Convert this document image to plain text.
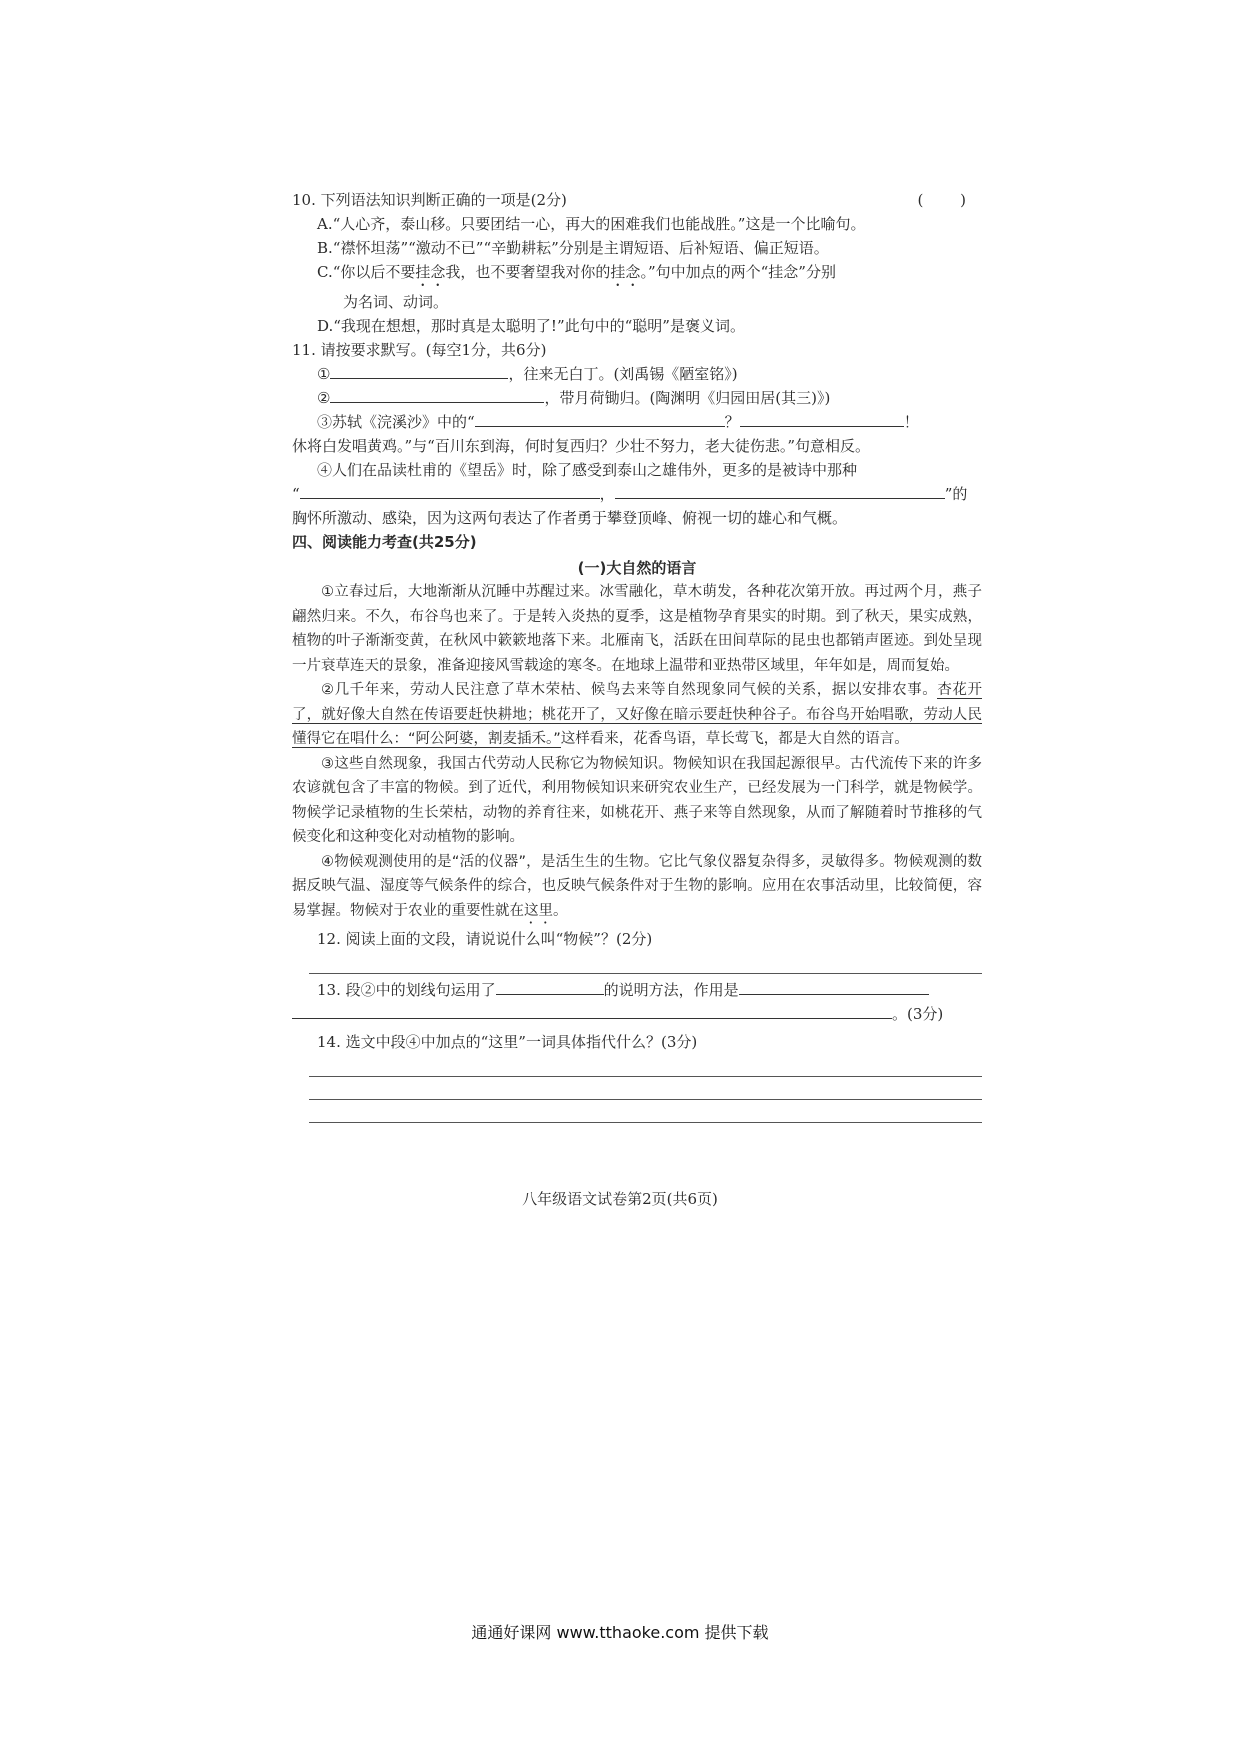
10. 下列语法知识判断正确的一项是(2分)	( )
A.“人心齐，泰山移。只要团结一心，再大的困难我们也能战胜。”这是一个比喻句。
B.“襟怀坦荡”“激动不已”“辛勤耕耘”分别是主谓短语、后补短语、偏正短语。
C.“你以后不要挂念我，也不要奢望我对你的挂念。”句中加点的两个“挂念”分别
为名词、动词。
D.“我现在想想，那时真是太聪明了!”此句中的“聪明”是褒义词。
11. 请按要求默写。(每空1分，共6分)
①	，往来无白丁。(刘禹锡《陋室铭》)
②	，带月荷锄归。(陶渊明《归园田居(其三)》)
③苏轼《浣溪沙》中的“	？	！
休将白发唱黄鸡。”与“百川东到海，何时复西归？少壮不努力，老大徒伤悲。”句意相反。
④人们在品读杜甫的《望岳》时，除了感受到泰山之雄伟外，更多的是被诗中那种
“	，	”的
胸怀所激动、感染，因为这两句表达了作者勇于攀登顶峰、俯视一切的雄心和气概。
四、阅读能力考查(共25分)
(一)大自然的语言

①立春过后，大地渐渐从沉睡中苏醒过来。冰雪融化，草木萌发，各种花次第开放。再过两个月，燕子翩然归来。不久，布谷鸟也来了。于是转入炎热的夏季，这是植物孕育果实的时期。到了秋天，果实成熟，植物的叶子渐渐变黄，在秋风中簌簌地落下来。北雁南飞，活跃在田间草际的昆虫也都销声匿迹。到处呈现一片衰草连天的景象，准备迎接风雪载途的寒冬。在地球上温带和亚热带区域里，年年如是，周而复始。

②几千年来，劳动人民注意了草木荣枯、候鸟去来等自然现象同气候的关系，据以安排农事。杏花开了，就好像大自然在传语要赶快耕地；桃花开了，又好像在暗示要赶快种谷子。布谷鸟开始唱歌，劳动人民懂得它在唱什么：“阿公阿婆，割麦插禾。”这样看来，花香鸟语，草长莺飞，都是大自然的语言。

③这些自然现象，我国古代劳动人民称它为物候知识。物候知识在我国起源很早。古代流传下来的许多农谚就包含了丰富的物候。到了近代，利用物候知识来研究农业生产，已经发展为一门科学，就是物候学。物候学记录植物的生长荣枯，动物的养育往来，如桃花开、燕子来等自然现象，从而了解随着时节推移的气候变化和这种变化对动植物的影响。

④物候观测使用的是“活的仪器”，是活生生的生物。它比气象仪器复杂得多，灵敏得多。物候观测的数据反映气温、湿度等气候条件的综合，也反映气候条件对于生物的影响。应用在农事活动里，比较简便，容易掌握。物候对于农业的重要性就在这里。

12. 阅读上面的文段，请说说什么叫“物候”？(2分)
13. 段②中的划线句运用了	的说明方法，作用是
。(3分)
14. 选文中段④中加点的“这里”一词具体指代什么？(3分)
八年级语文试卷第2页(共6页)
通通好课网 www.tthaoke.com 提供下载
